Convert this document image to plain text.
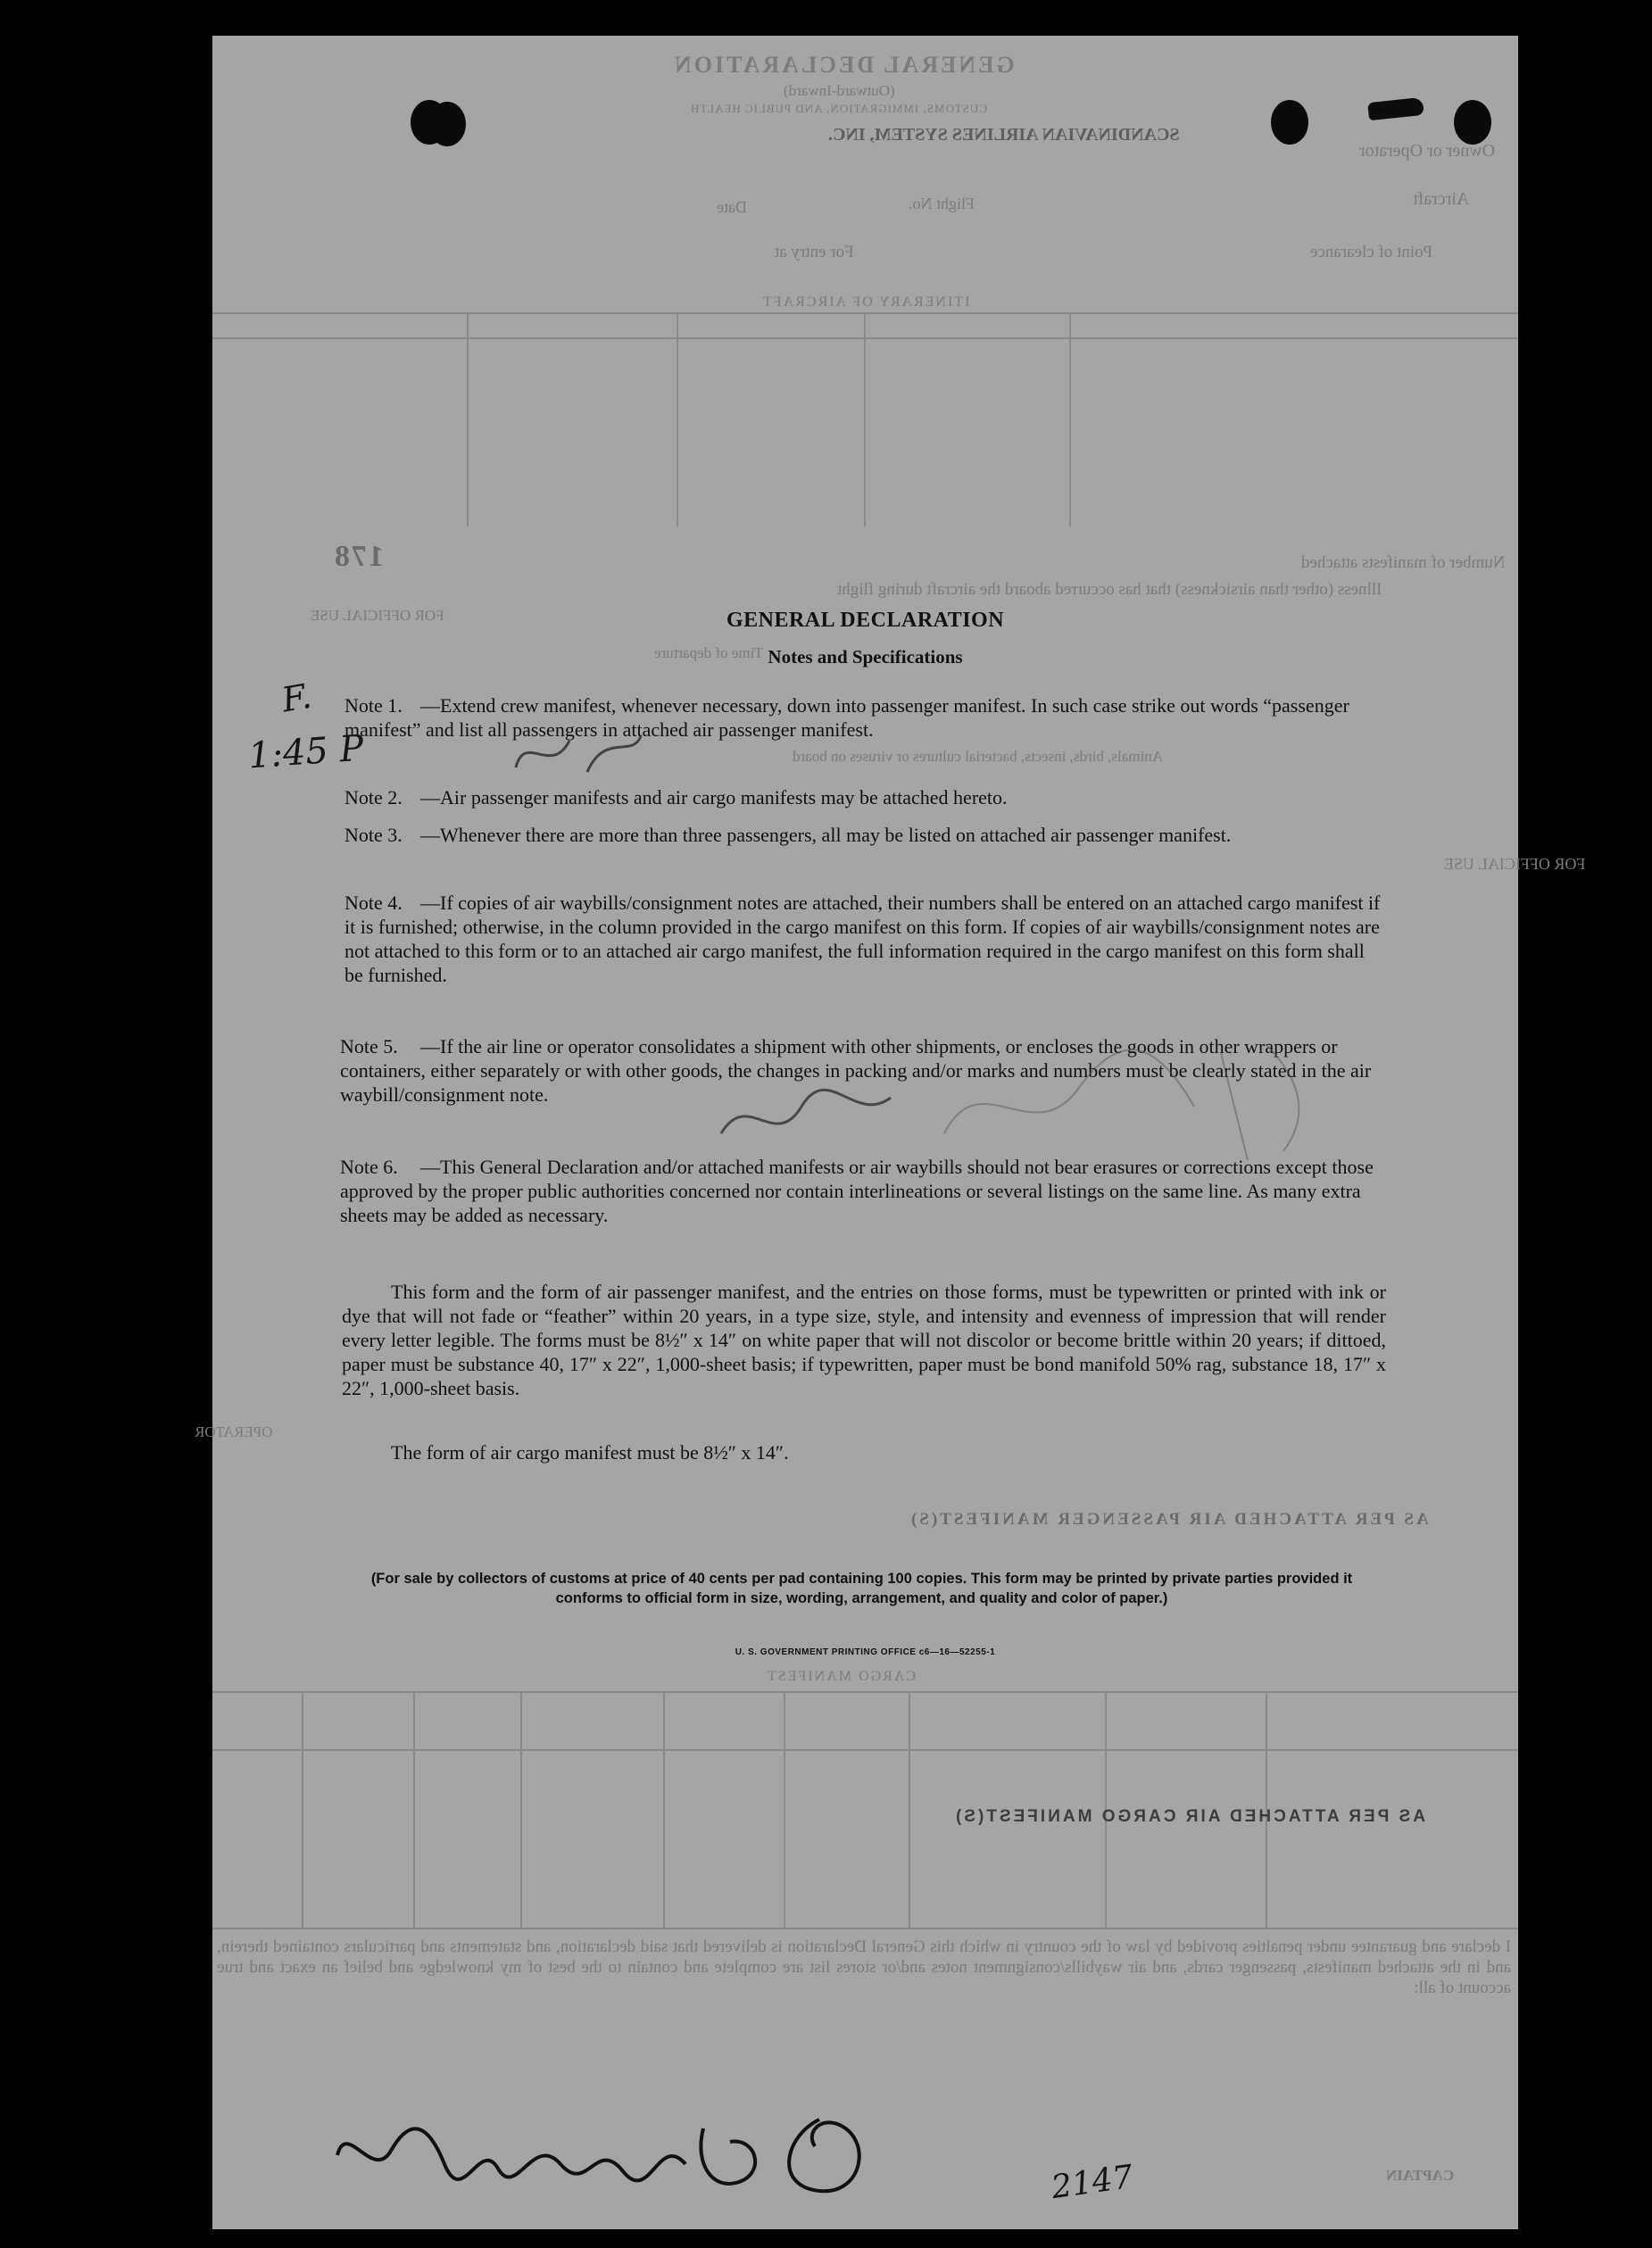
GENERAL DECLARATION
(Outward-Inward)
CUSTOMS, IMMIGRATION, AND PUBLIC HEALTH
SCANDINAVIAN AIRLINES SYSTEM, INC.
Owner or Operator
Aircraft
Flight No.
Date
Point of clearance
For entry at
ITINERARY OF AIRCRAFT
Number of manifests attached
178
Illness (other than airsickness) that has occurred aboard the aircraft during flight
FOR OFFICIAL USE
Time of departure
Animals, birds, insects, bacterial cultures or viruses on board
FOR OFFICIAL USE
OPERATOR
AS PER ATTACHED AIR PASSENGER MANIFEST(S)
CARGO MANIFEST
AS PER ATTACHED AIR CARGO MANIFEST(S)
I declare and guarantee under penalties provided by law of the country in which this General Declaration is delivered that said declaration, and statements and particulars contained therein, and in the attached manifests, passenger cards, and air waybills/consignment notes and/or stores list are complete and contain to the best of my knowledge and belief an exact and true account of all:
CAPTAIN
GENERAL DECLARATION
Notes and Specifications
Note 1. —Extend crew manifest, whenever necessary, down into passenger manifest. In such case strike out words “passenger manifest” and list all passengers in attached air passenger manifest.
Note 2. —Air passenger manifests and air cargo manifests may be attached hereto.
Note 3. —Whenever there are more than three passengers, all may be listed on attached air passenger manifest.
Note 4. —If copies of air waybills/consignment notes are attached, their numbers shall be entered on an attached cargo manifest if it is furnished; otherwise, in the column provided in the cargo manifest on this form. If copies of air waybills/consignment notes are not attached to this form or to an attached air cargo manifest, the full information required in the cargo manifest on this form shall be furnished.
Note 5.	—If the air line or operator consolidates a shipment with other shipments, or encloses the goods in other wrappers or containers, either separately or with other goods, the changes in packing and/or marks and numbers must be clearly stated in the air waybill/consignment note.
Note 6.	—This General Declaration and/or attached manifests or air waybills should not bear erasures or corrections except those approved by the proper public authorities concerned nor contain interlineations or several listings on the same line. As many extra sheets may be added as necessary.
This form and the form of air passenger manifest, and the entries on those forms, must be typewritten or printed with ink or dye that will not fade or “feather” within 20 years, in a type size, style, and intensity and evenness of impression that will render every letter legible. The forms must be 8½″ x 14″ on white paper that will not discolor or become brittle within 20 years; if dittoed, paper must be substance 40, 17″ x 22″, 1,000-sheet basis; if typewritten, paper must be bond manifold 50% rag, substance 18, 17″ x 22″, 1,000-sheet basis.
The form of air cargo manifest must be 8½″ x 14″.
(For sale by collectors of customs at price of 40 cents per pad containing 100 copies. This form may be printed by private parties provided it conforms to official form in size, wording, arrangement, and quality and color of paper.)
U. S. GOVERNMENT PRINTING OFFICE c6—16—52255-1
F.
1:45 P
2147
